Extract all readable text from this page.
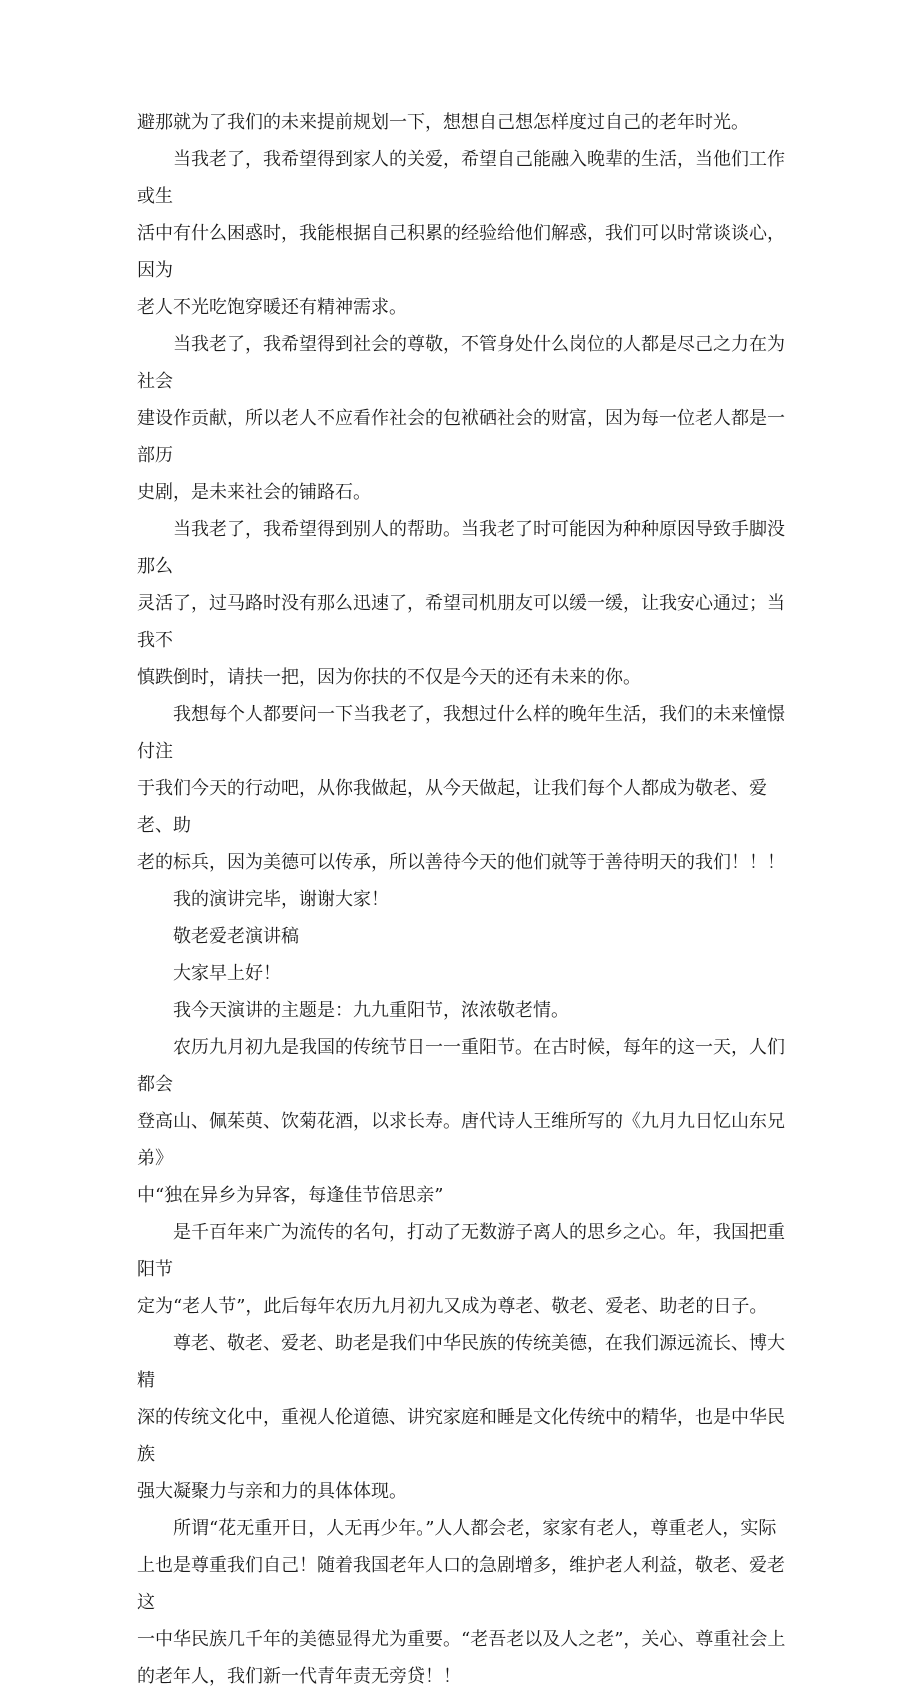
避那就为了我们的未来提前规划一下，想想自己想怎样度过自己的老年时光。

当我老了，我希望得到家人的关爱，希望自己能融入晚辈的生活，当他们工作或生
活中有什么困惑时，我能根据自己积累的经验给他们解惑，我们可以时常谈谈心，因为
老人不光吃饱穿暖还有精神需求。

当我老了，我希望得到社会的尊敬，不管身处什么岗位的人都是尽己之力在为社会
建设作贡献，所以老人不应看作社会的包袱硒社会的财富，因为每一位老人都是一部历
史剧，是未来社会的铺路石。

当我老了，我希望得到别人的帮助。当我老了时可能因为种种原因导致手脚没那么
灵活了，过马路时没有那么迅速了，希望司机朋友可以缓一缓，让我安心通过；当我不
慎跌倒时，请扶一把，因为你扶的不仅是今天的还有未来的你。

我想每个人都要问一下当我老了，我想过什么样的晚年生活，我们的未来憧憬付注
于我们今天的行动吧，从你我做起，从今天做起，让我们每个人都成为敬老、爱老、助
老的标兵，因为美德可以传承，所以善待今天的他们就等于善待明天的我们！！！

我的演讲完毕，谢谢大家！

敬老爱老演讲稿

大家早上好！

我今天演讲的主题是：九九重阳节，浓浓敬老情。

农历九月初九是我国的传统节日一一重阳节。在古时候，每年的这一天，人们都会
登高山、佩茱萸、饮菊花酒，以求长寿。唐代诗人王维所写的《九月九日忆山东兄弟》
中“独在异乡为异客，每逢佳节倍思亲”

是千百年来广为流传的名句，打动了无数游子离人的思乡之心。年，我国把重阳节
定为“老人节”，此后每年农历九月初九又成为尊老、敬老、爱老、助老的日子。

尊老、敬老、爱老、助老是我们中华民族的传统美德，在我们源远流长、博大精
深的传统文化中，重视人伦道德、讲究家庭和睡是文化传统中的精华，也是中华民族
强大凝聚力与亲和力的具体体现。

所谓“花无重开日，人无再少年。”人人都会老，家家有老人，尊重老人，实际
上也是尊重我们自己！随着我国老年人口的急剧增多，维护老人利益，敬老、爱老这
一中华民族几千年的美德显得尤为重要。“老吾老以及人之老”，关心、尊重社会上
的老年人，我们新一代青年责无旁贷！！
